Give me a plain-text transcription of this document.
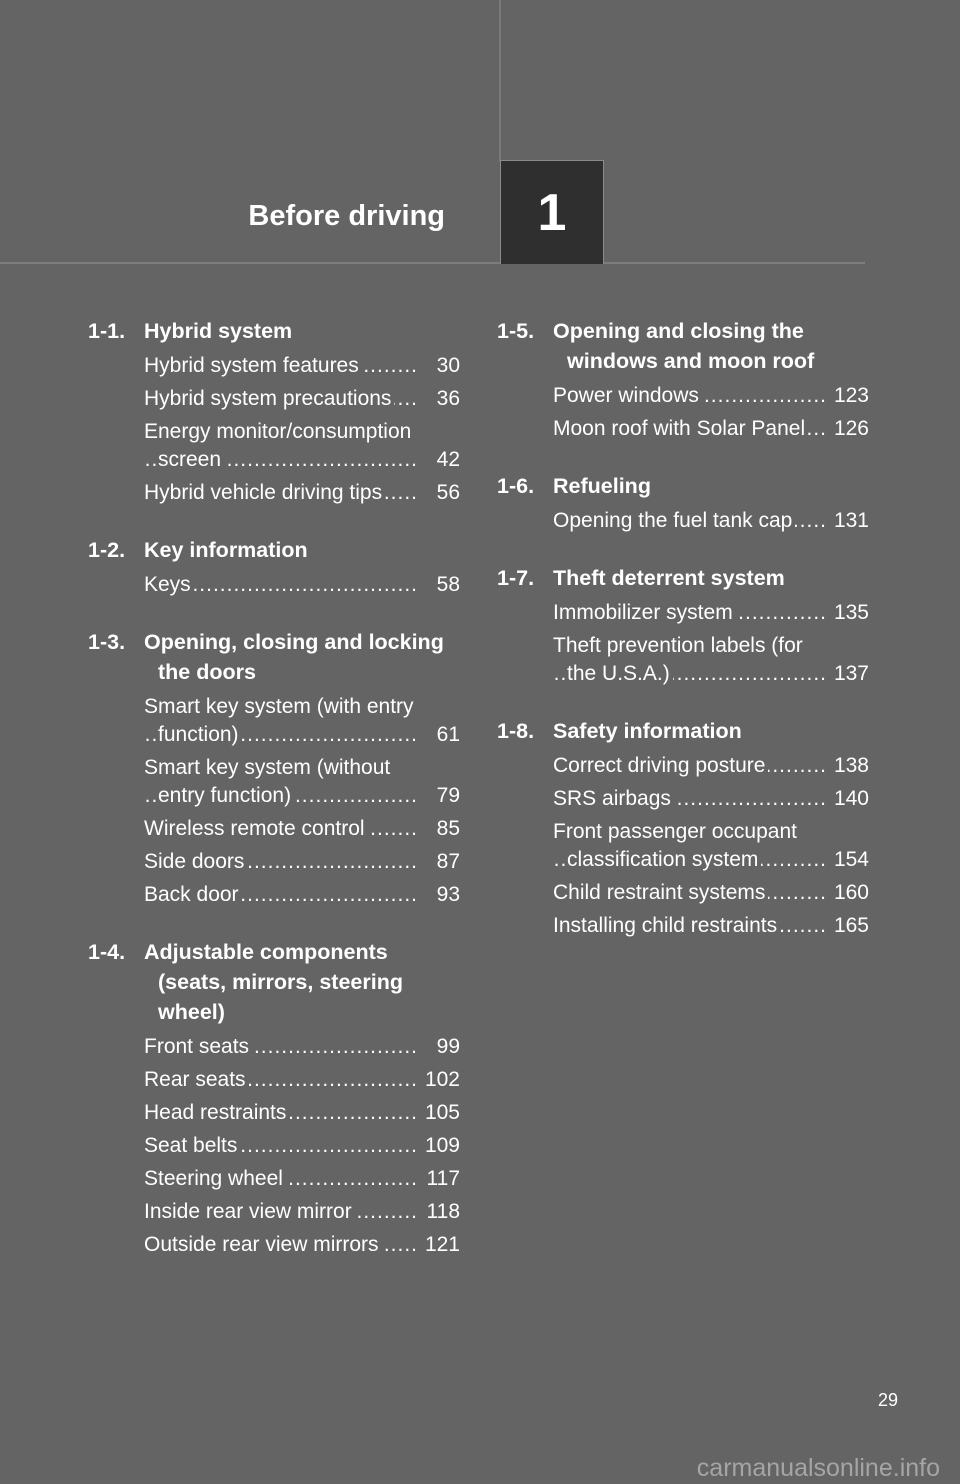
Before driving 1
1-1. Hybrid system
Hybrid system features .....	30
Hybrid system precautions .....	36
Energy monitor/consumption screen .....	42
Hybrid vehicle driving tips .....	56
1-2. Key information
Keys .....	58
1-3. Opening, closing and locking the doors
Smart key system (with entry function) .....	61
Smart key system (without entry function) .....	79
Wireless remote control .....	85
Side doors .....	87
Back door .....	93
1-4. Adjustable components (seats, mirrors, steering wheel)
Front seats .....	99
Rear seats .....	102
Head restraints .....	105
Seat belts .....	109
Steering wheel .....	117
Inside rear view mirror .....	118
Outside rear view mirrors .....	121
1-5. Opening and closing the windows and moon roof
Power windows .....	123
Moon roof with Solar Panel .....	126
1-6. Refueling
Opening the fuel tank cap .....	131
1-7. Theft deterrent system
Immobilizer system .....	135
Theft prevention labels (for the U.S.A.) .....	137
1-8. Safety information
Correct driving posture .....	138
SRS airbags .....	140
Front passenger occupant classification system .....	154
Child restraint systems .....	160
Installing child restraints .....	165
29
carmanualsonline.info
